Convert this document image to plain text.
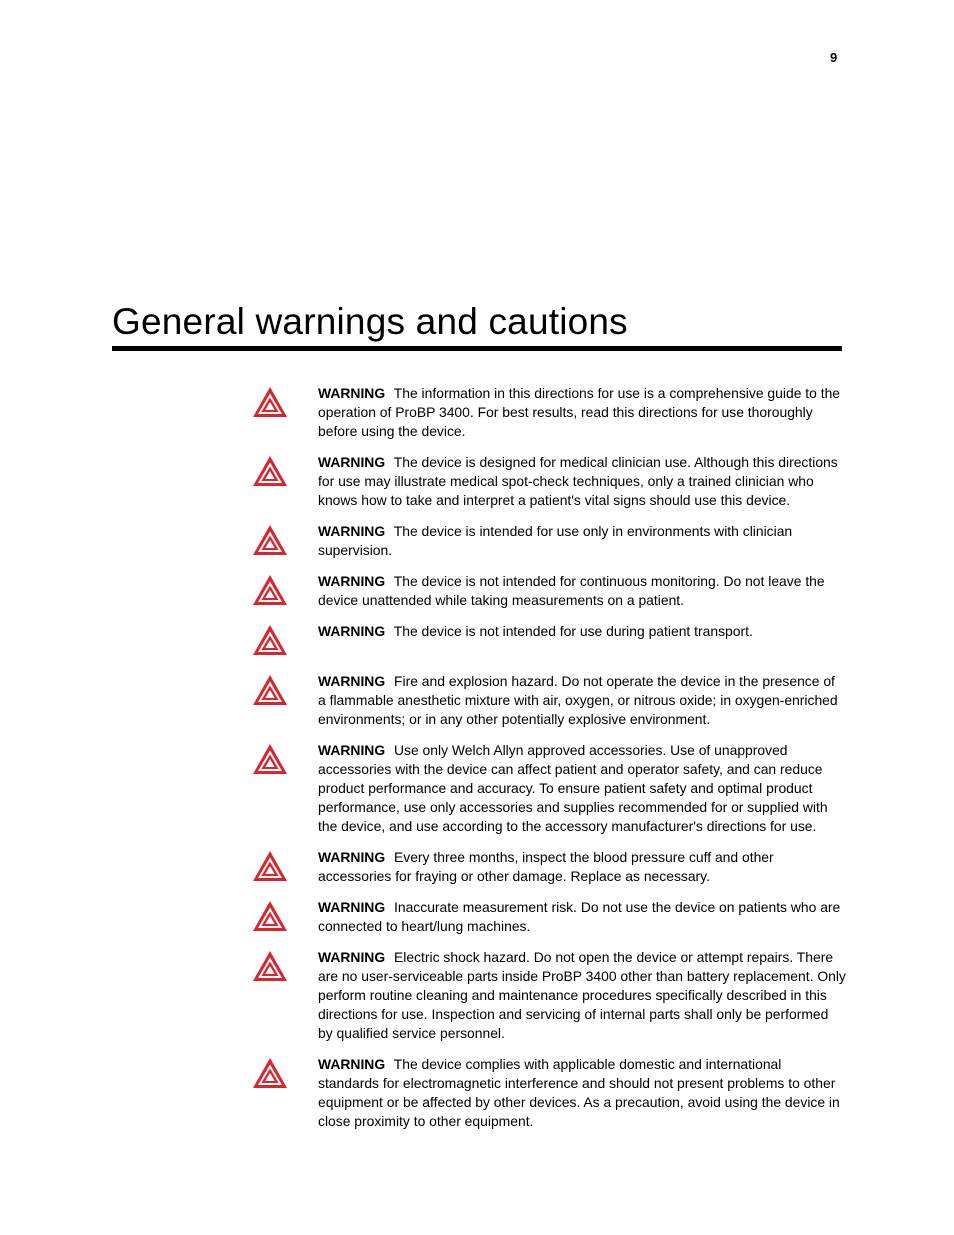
9
General warnings and cautions
WARNING The information in this directions for use is a comprehensive guide to the operation of ProBP 3400. For best results, read this directions for use thoroughly before using the device.
WARNING The device is designed for medical clinician use. Although this directions for use may illustrate medical spot-check techniques, only a trained clinician who knows how to take and interpret a patient's vital signs should use this device.
WARNING The device is intended for use only in environments with clinician supervision.
WARNING The device is not intended for continuous monitoring. Do not leave the device unattended while taking measurements on a patient.
WARNING The device is not intended for use during patient transport.
WARNING Fire and explosion hazard. Do not operate the device in the presence of a flammable anesthetic mixture with air, oxygen, or nitrous oxide; in oxygen-enriched environments; or in any other potentially explosive environment.
WARNING Use only Welch Allyn approved accessories. Use of unapproved accessories with the device can affect patient and operator safety, and can reduce product performance and accuracy. To ensure patient safety and optimal product performance, use only accessories and supplies recommended for or supplied with the device, and use according to the accessory manufacturer's directions for use.
WARNING Every three months, inspect the blood pressure cuff and other accessories for fraying or other damage. Replace as necessary.
WARNING Inaccurate measurement risk. Do not use the device on patients who are connected to heart/lung machines.
WARNING Electric shock hazard. Do not open the device or attempt repairs. There are no user-serviceable parts inside ProBP 3400 other than battery replacement. Only perform routine cleaning and maintenance procedures specifically described in this directions for use. Inspection and servicing of internal parts shall only be performed by qualified service personnel.
WARNING The device complies with applicable domestic and international standards for electromagnetic interference and should not present problems to other equipment or be affected by other devices. As a precaution, avoid using the device in close proximity to other equipment.
